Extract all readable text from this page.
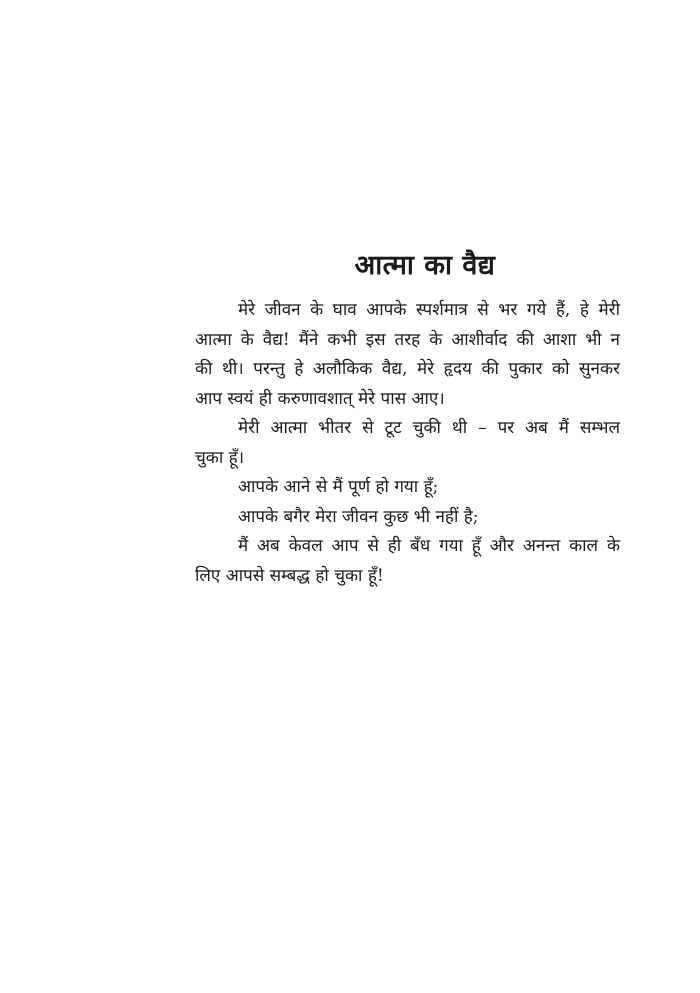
आत्मा का वैद्य
मेरे जीवन के घाव आपके स्पर्शमात्र से भर गये हैं, हे मेरी
आत्मा के वैद्य! मैंने कभी इस तरह के आशीर्वाद की आशा भी न
की थी। परन्तु हे अलौकिक वैद्य, मेरे हृदय की पुकार को सुनकर
आप स्वयं ही करुणावशात् मेरे पास आए।
मेरी आत्मा भीतर से टूट चुकी थी – पर अब मैं सम्भल
चुका हूँ।
आपके आने से मैं पूर्ण हो गया हूँ;
आपके बगैर मेरा जीवन कुछ भी नहीं है;
मैं अब केवल आप से ही बँध गया हूँ और अनन्त काल के
लिए आपसे सम्बद्ध हो चुका हूँ!
